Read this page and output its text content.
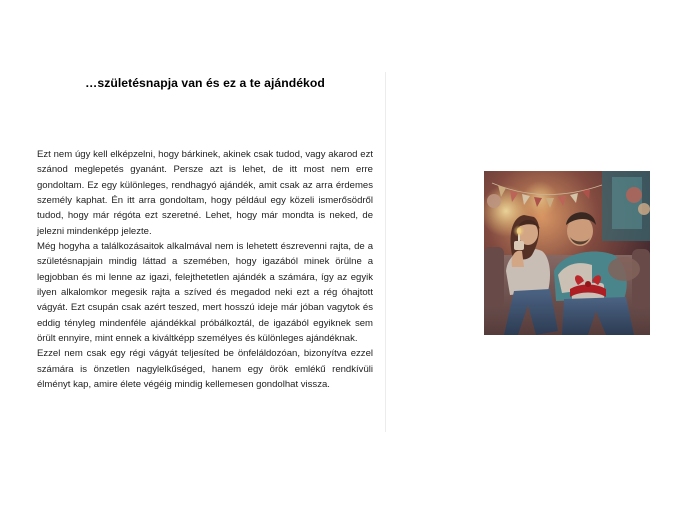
…születésnapja van és ez a te ajándékod

Ezt nem úgy kell elképzelni, hogy bárkinek, akinek csak tudod, vagy akarod ezt szánod meglepetés gyanánt. Persze azt is lehet, de itt most nem erre gondoltam. Ez egy különleges, rendhagyó ajándék, amit csak az arra érdemes személy kaphat. Én itt arra gondoltam, hogy például egy közeli ismerősödről tudod, hogy már régóta ezt szeretné. Lehet, hogy már mondta is neked, de jelezni mindenképp jelezte.

Még hogyha a találkozásaitok alkalmával nem is lehetett észrevenni rajta, de a születésnapjain mindig láttad a szemében, hogy igazából minek örülne a legjobban és mi lenne az igazi, felejthetetlen ajándék a számára, így az egyik ilyen alkalomkor megesik rajta a szíved és megadod neki ezt a rég óhajtott vágyát. Ezt csupán csak azért teszed, mert hosszú ideje már jóban vagytok és eddig tényleg mindenféle ajándékkal próbálkoztál, de igazából egyiknek sem örült ennyire, mint ennek a kiváltképp személyes és különleges ajándéknak.

Ezzel nem csak egy régi vágyát teljesíted be önfeláldozóan, bizonyítva ezzel számára is önzetlen nagylelkűséged, hanem egy örök emlékű rendkívüli élményt kap, amire élete végéig mindig kellemesen gondolhat vissza.
